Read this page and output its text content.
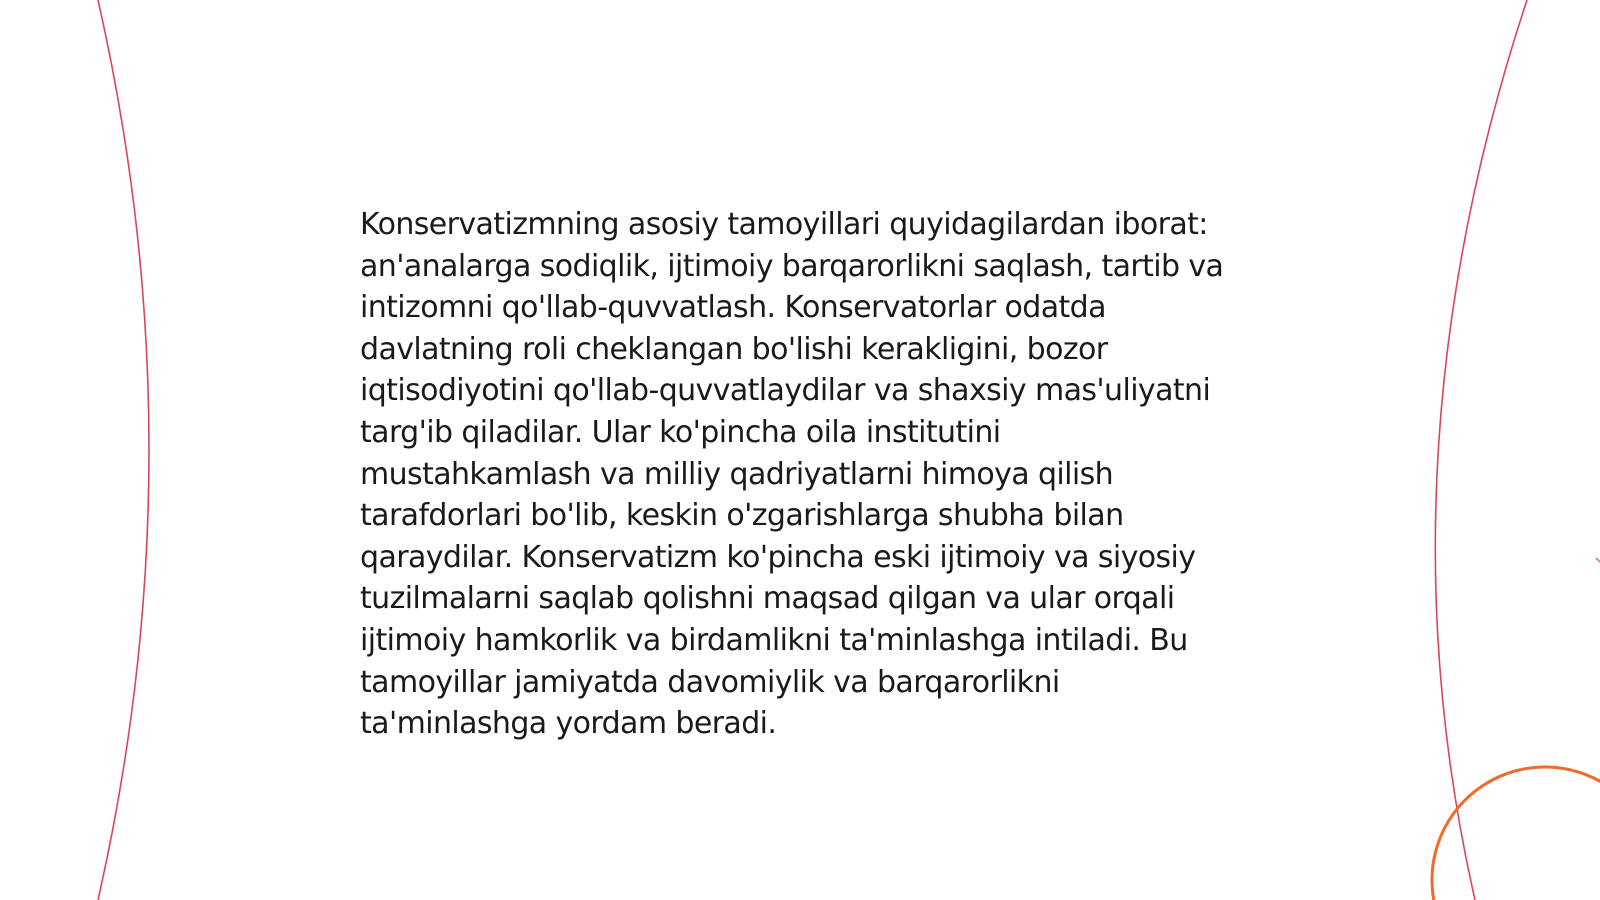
Konservatizmning asosiy tamoyillari quyidagilardan iborat: an'analarga sodiqlik, ijtimoiy barqarorlikni saqlash, tartib va intizomni qo'llab-quvvatlash. Konservatorlar odatda davlatning roli cheklangan bo'lishi kerakligini, bozor iqtisodiyotini qo'llab-quvvatlaydilar va shaxsiy mas'uliyatni targ'ib qiladilar. Ular ko'pincha oila institutini mustahkamlash va milliy qadriyatlarni himoya qilish tarafdorlari bo'lib, keskin o'zgarishlarga shubha bilan qaraydilar. Konservatizm ko'pincha eski ijtimoiy va siyosiy tuzilmalarni saqlab qolishni maqsad qilgan va ular orqali ijtimoiy hamkorlik va birdamlikni ta'minlashga intiladi. Bu tamoyillar jamiyatda davomiylik va barqarorlikni ta'minlashga yordam beradi.
